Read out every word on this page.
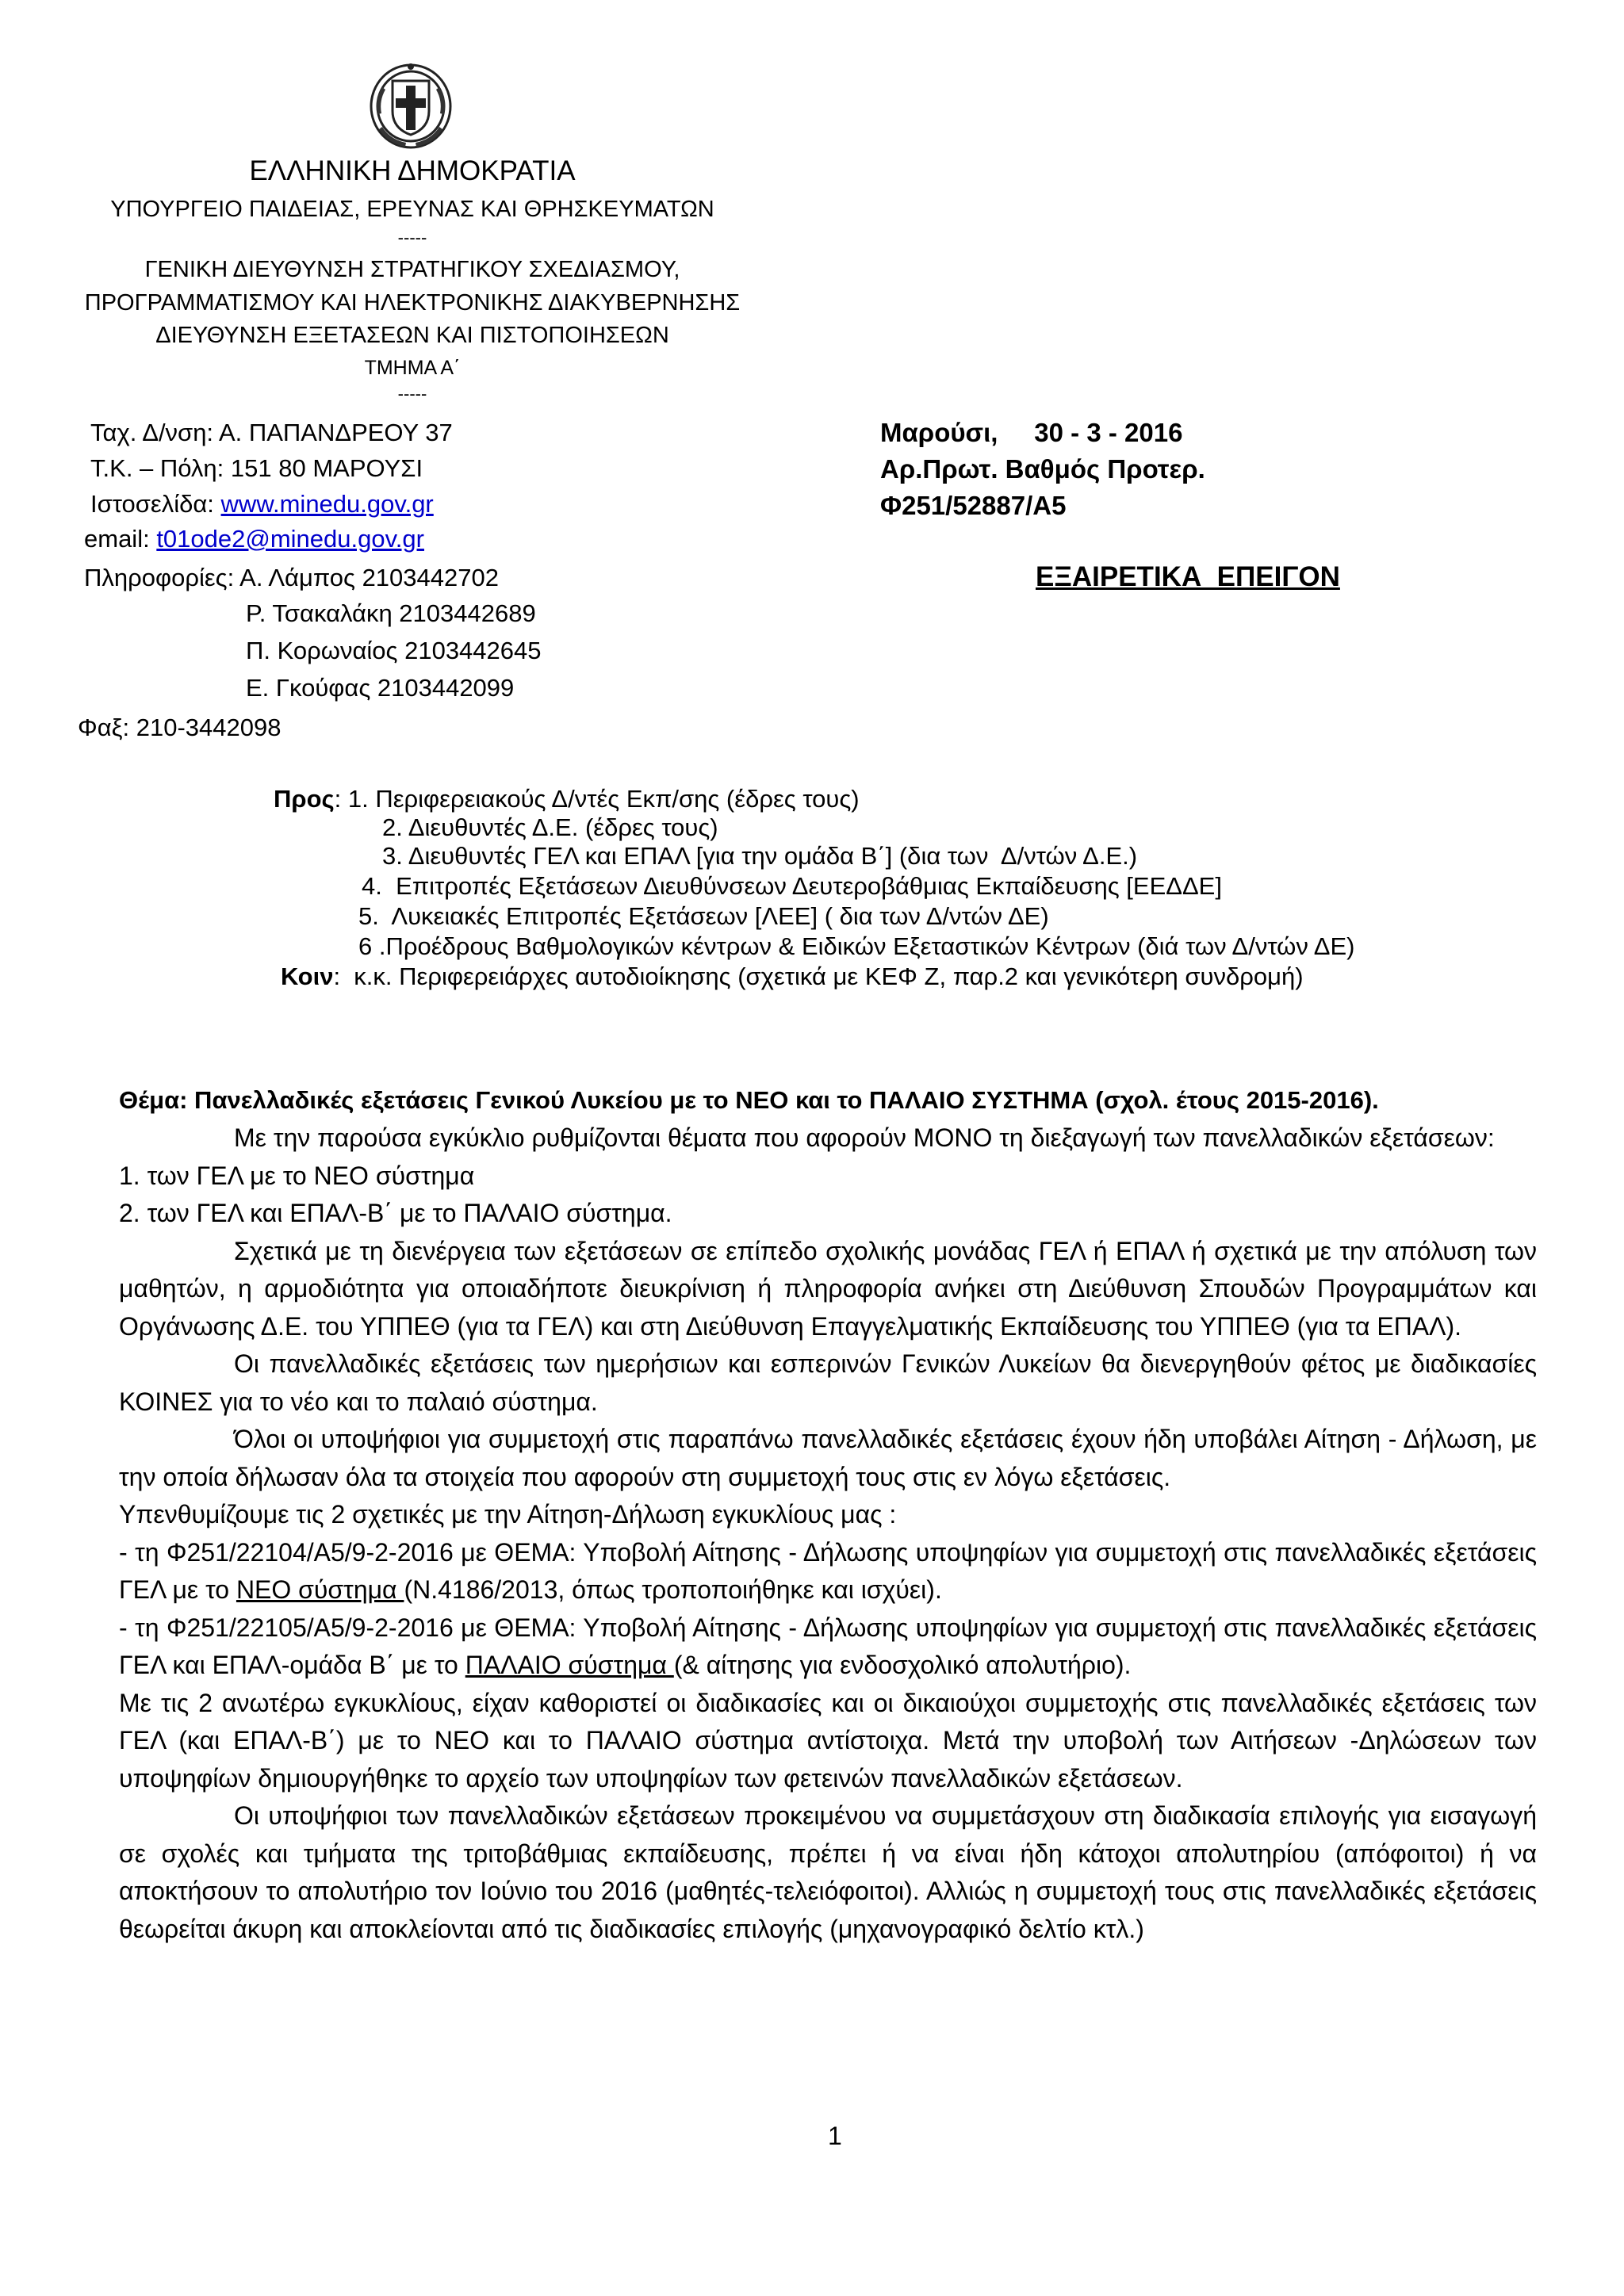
ΕΛΛΗΝΙΚΗ ΔΗΜΟΚΡΑΤΙΑ
ΥΠΟΥΡΓΕΙΟ ΠΑΙΔΕΙΑΣ, ΕΡΕΥΝΑΣ ΚΑΙ ΘΡΗΣΚΕΥΜΑΤΩΝ
-----
ΓΕΝΙΚΗ ΔΙΕΥΘΥΝΣΗ ΣΤΡΑΤΗΓΙΚΟΥ ΣΧΕΔΙΑΣΜΟΥ,
ΠΡΟΓΡΑΜΜΑΤΙΣΜΟΥ ΚΑΙ ΗΛΕΚΤΡΟΝΙΚΗΣ ΔΙΑΚΥΒΕΡΝΗΣΗΣ
ΔΙΕΥΘΥΝΣΗ ΕΞΕΤΑΣΕΩΝ ΚΑΙ ΠΙΣΤΟΠΟΙΗΣΕΩΝ
ΤΜΗΜΑ Α΄
-----
Ταχ. Δ/νση: Α. ΠΑΠΑΝΔΡΕΟΥ 37
Τ.Κ. – Πόλη: 151 80 ΜΑΡΟΥΣΙ
Ιστοσελίδα: www.minedu.gov.gr
email: t01ode2@minedu.gov.gr
Πληροφορίες: Α. Λάμπος 2103442702
Ρ. Τσακαλάκη 2103442689
Π. Κορωναίος 2103442645
Ε. Γκούφας 2103442099
Φαξ: 210-3442098
Μαρούσι,     30 - 3 - 2016
Αρ.Πρωτ. Βαθμός Προτερ.
Φ251/52887/Α5
ΕΞΑΙΡΕΤΙΚΑ  ΕΠΕΙΓΟΝ
Προς: 1. Περιφερειακούς Δ/ντές Εκπ/σης (έδρες τους)
2. Διευθυντές Δ.Ε. (έδρες τους)
3. Διευθυντές ΓΕΛ και ΕΠΑΛ [για την ομάδα Β΄] (δια των  Δ/ντών Δ.Ε.)
4.  Επιτροπές Εξετάσεων Διευθύνσεων Δευτεροβάθμιας Εκπαίδευσης [ΕΕΔΔΕ]
5.  Λυκειακές Επιτροπές Εξετάσεων [ΛΕΕ] ( δια των Δ/ντών ΔΕ)
6 .Προέδρους Βαθμολογικών κέντρων & Ειδικών Εξεταστικών Κέντρων (διά των Δ/ντών ΔΕ)
Κοιν:  κ.κ. Περιφερειάρχες αυτοδιοίκησης (σχετικά με ΚΕΦ Ζ, παρ.2 και γενικότερη συνδρομή)

Θέμα: Πανελλαδικές εξετάσεις Γενικού Λυκείου με το ΝΕΟ και το ΠΑΛΑΙΟ ΣΥΣΤΗΜΑ (σχολ. έτους 2015-2016).

Με την παρούσα εγκύκλιο ρυθμίζονται θέματα που αφορούν ΜΟΝΟ τη διεξαγωγή των πανελλαδικών εξετάσεων:

1. των ΓΕΛ με το ΝΕΟ σύστημα

2. των ΓΕΛ και ΕΠΑΛ-Β΄ με το ΠΑΛΑΙΟ σύστημα.

Σχετικά με τη διενέργεια των εξετάσεων σε επίπεδο σχολικής μονάδας ΓΕΛ ή ΕΠΑΛ ή σχετικά με την απόλυση των μαθητών, η αρμοδιότητα για οποιαδήποτε διευκρίνιση ή πληροφορία ανήκει στη Διεύθυνση Σπουδών Προγραμμάτων και Οργάνωσης Δ.Ε. του ΥΠΠΕΘ (για τα ΓΕΛ) και στη Διεύθυνση Επαγγελματικής Εκπαίδευσης του ΥΠΠΕΘ (για τα ΕΠΑΛ).

Οι πανελλαδικές εξετάσεις των ημερήσιων και εσπερινών Γενικών Λυκείων θα διενεργηθούν φέτος με διαδικασίες ΚΟΙΝΕΣ για το νέο και το παλαιό σύστημα.

Όλοι οι υποψήφιοι για συμμετοχή στις παραπάνω πανελλαδικές εξετάσεις έχουν ήδη υποβάλει Αίτηση - Δήλωση, με την οποία δήλωσαν όλα τα στοιχεία που αφορούν στη συμμετοχή τους στις εν λόγω εξετάσεις.

Υπενθυμίζουμε τις 2 σχετικές με την Αίτηση-Δήλωση εγκυκλίους μας :

- τη Φ251/22104/Α5/9-2-2016 με ΘΕΜΑ: Υποβολή Αίτησης - Δήλωσης υποψηφίων για συμμετοχή στις πανελλαδικές εξετάσεις ΓΕΛ με το ΝΕΟ σύστημα (Ν.4186/2013, όπως τροποποιήθηκε και ισχύει).

- τη Φ251/22105/Α5/9-2-2016 με ΘΕΜΑ: Υποβολή Αίτησης - Δήλωσης υποψηφίων για συμμετοχή στις πανελλαδικές εξετάσεις ΓΕΛ και ΕΠΑΛ-ομάδα Β΄ με το ΠΑΛΑΙΟ σύστημα (& αίτησης για ενδοσχολικό απολυτήριο).

Με τις 2 ανωτέρω εγκυκλίους, είχαν καθοριστεί οι διαδικασίες και οι δικαιούχοι συμμετοχής στις πανελλαδικές εξετάσεις των ΓΕΛ (και ΕΠΑΛ-Β΄) με το ΝΕΟ και το ΠΑΛΑΙΟ σύστημα αντίστοιχα. Μετά την υποβολή των Αιτήσεων -Δηλώσεων των υποψηφίων δημιουργήθηκε το αρχείο των υποψηφίων των φετεινών πανελλαδικών εξετάσεων.

Οι υποψήφιοι των πανελλαδικών εξετάσεων προκειμένου να συμμετάσχουν στη διαδικασία επιλογής για εισαγωγή σε σχολές και τμήματα της τριτοβάθμιας εκπαίδευσης, πρέπει ή να είναι ήδη κάτοχοι απολυτηρίου (απόφοιτοι) ή να αποκτήσουν το απολυτήριο τον Ιούνιο του 2016 (μαθητές-τελειόφοιτοι). Αλλιώς η συμμετοχή τους στις πανελλαδικές εξετάσεις θεωρείται άκυρη και αποκλείονται από τις διαδικασίες επιλογής (μηχανογραφικό δελτίο κτλ.)

1
